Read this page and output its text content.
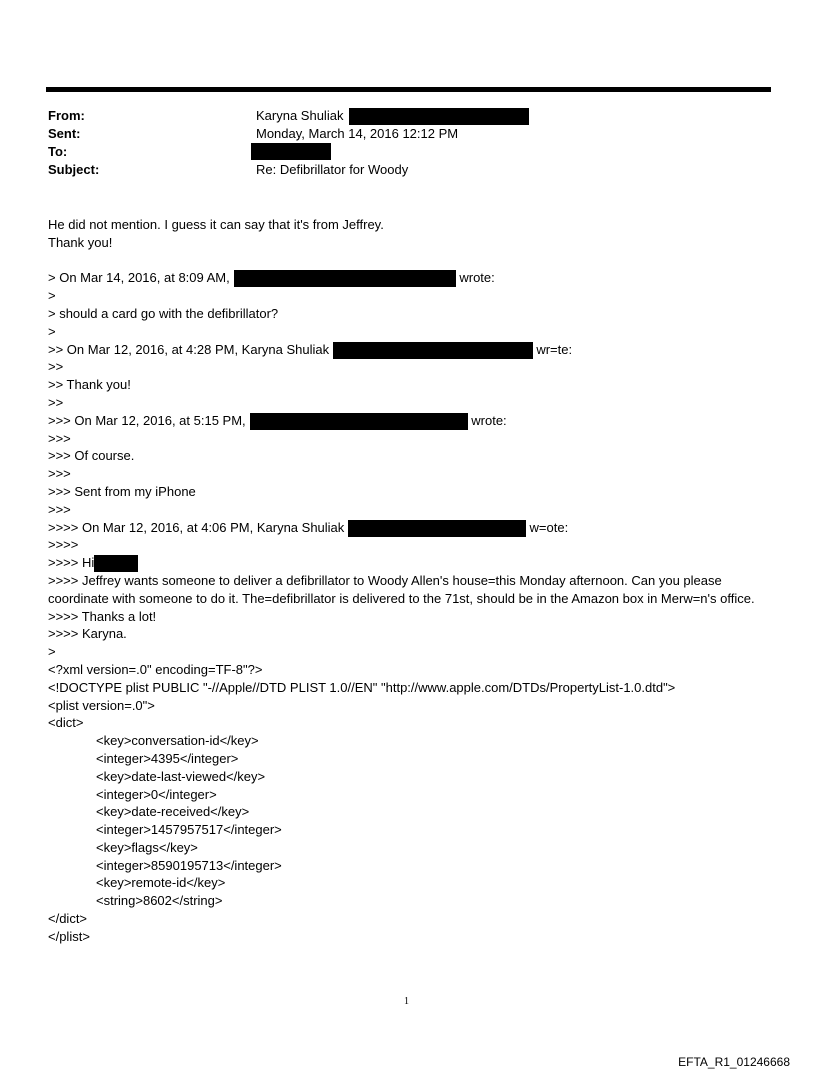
From:	Karyna Shuliak
Sent:	Monday, March 14, 2016 12:12 PM
To:
Subject:	Re: Defibrillator for Woody
He did not mention. I guess it can say that it's from Jeffrey.
Thank you!
> On Mar 14, 2016, at 8:09 AM,	wrote:
>
> should a card go with the defibrillator?
>
>> On Mar 12, 2016, at 4:28 PM, Karyna Shuliak	wr=te:
>>
>> Thank you!
>>
>>> On Mar 12, 2016, at 5:15 PM,	wrote:
>>>
>>> Of course.
>>>
>>> Sent from my iPhone
>>>
>>>> On Mar 12, 2016, at 4:06 PM, Karyna Shuliak	w=ote:
>>>>
>>>> Hi
>>>> Jeffrey wants someone to deliver a defibrillator to Woody Allen's house=this Monday afternoon. Can you please coordinate with someone to do it. The=defibrillator is delivered to the 71st, should be in the Amazon box in Merw=n's office.
>>>> Thanks a lot!
>>>> Karyna.
>
<?xml version=.0" encoding=TF-8"?>
<!DOCTYPE plist PUBLIC "-//Apple//DTD PLIST 1.0//EN" "http://www.apple.com/DTDs/PropertyList-1.0.dtd">
<plist version=.0">
<dict>
<key>conversation-id</key>
<integer>4395</integer>
<key>date-last-viewed</key>
<integer>0</integer>
<key>date-received</key>
<integer>1457957517</integer>
<key>flags</key>
<integer>8590195713</integer>
<key>remote-id</key>
<string>8602</string>
</dict>
</plist>
1
EFTA_R1_01246668
